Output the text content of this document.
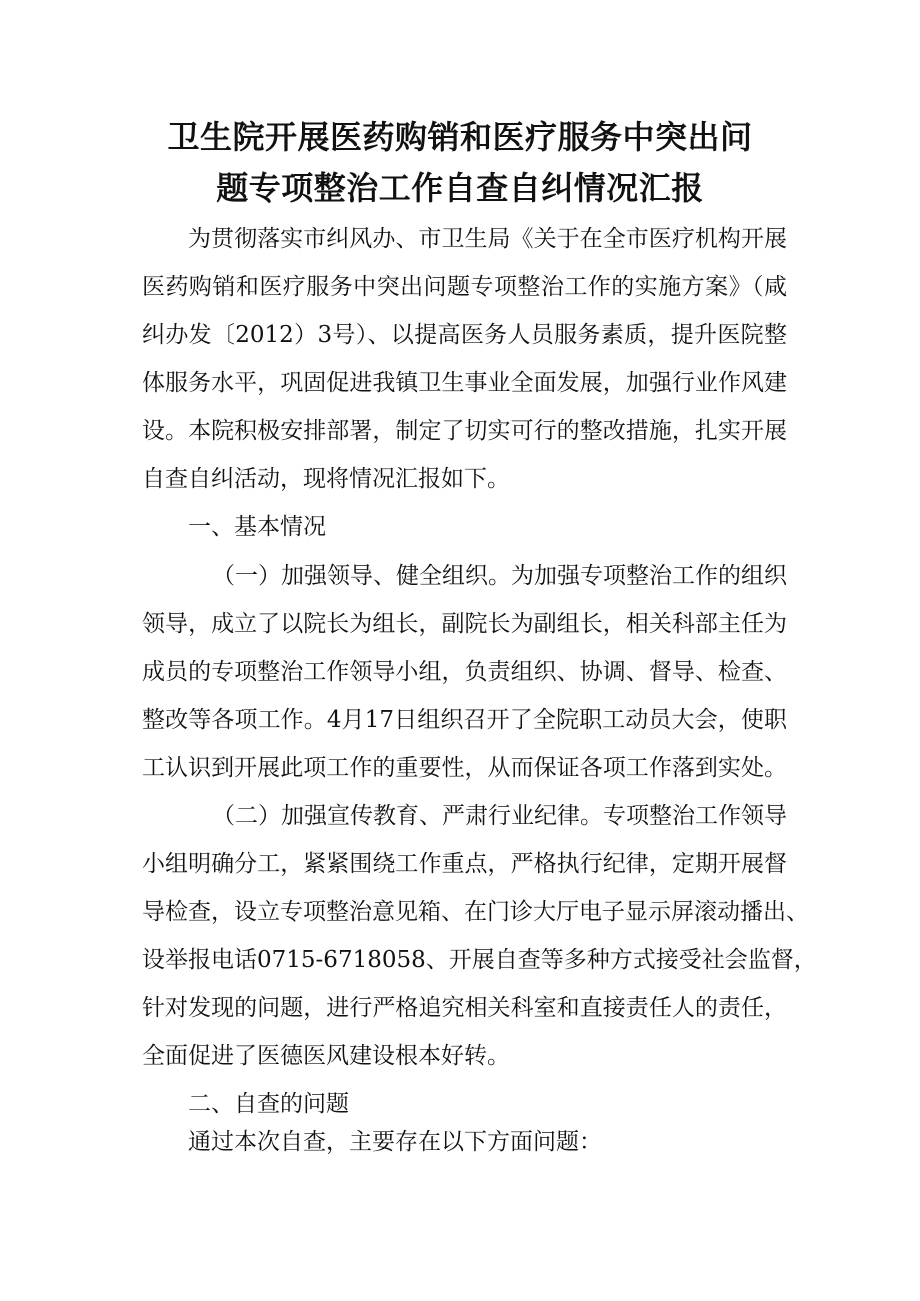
卫生院开展医药购销和医疗服务中突出问
题专项整治工作自查自纠情况汇报

为贯彻落实市纠风办、市卫生局《关于在全市医疗机构开展

医药购销和医疗服务中突出问题专项整治工作的实施方案》（咸

纠办发〔2012）3号）、以提高医务人员服务素质，提升医院整

体服务水平，巩固促进我镇卫生事业全面发展，加强行业作风建

设。本院积极安排部署，制定了切实可行的整改措施，扎实开展

自查自纠活动，现将情况汇报如下。

一、基本情况

（一）加强领导、健全组织。为加强专项整治工作的组织

领导，成立了以院长为组长，副院长为副组长，相关科部主任为

成员的专项整治工作领导小组，负责组织、协调、督导、检查、

整改等各项工作。4月17日组织召开了全院职工动员大会，使职

工认识到开展此项工作的重要性，从而保证各项工作落到实处。

（二）加强宣传教育、严肃行业纪律。专项整治工作领导

小组明确分工，紧紧围绕工作重点，严格执行纪律，定期开展督

导检查，设立专项整治意见箱、在门诊大厅电子显示屏滚动播出、

设举报电话0715-6718058、开展自查等多种方式接受社会监督，

针对发现的问题，进行严格追究相关科室和直接责任人的责任，

全面促进了医德医风建设根本好转。

二、自查的问题

通过本次自查，主要存在以下方面问题：
